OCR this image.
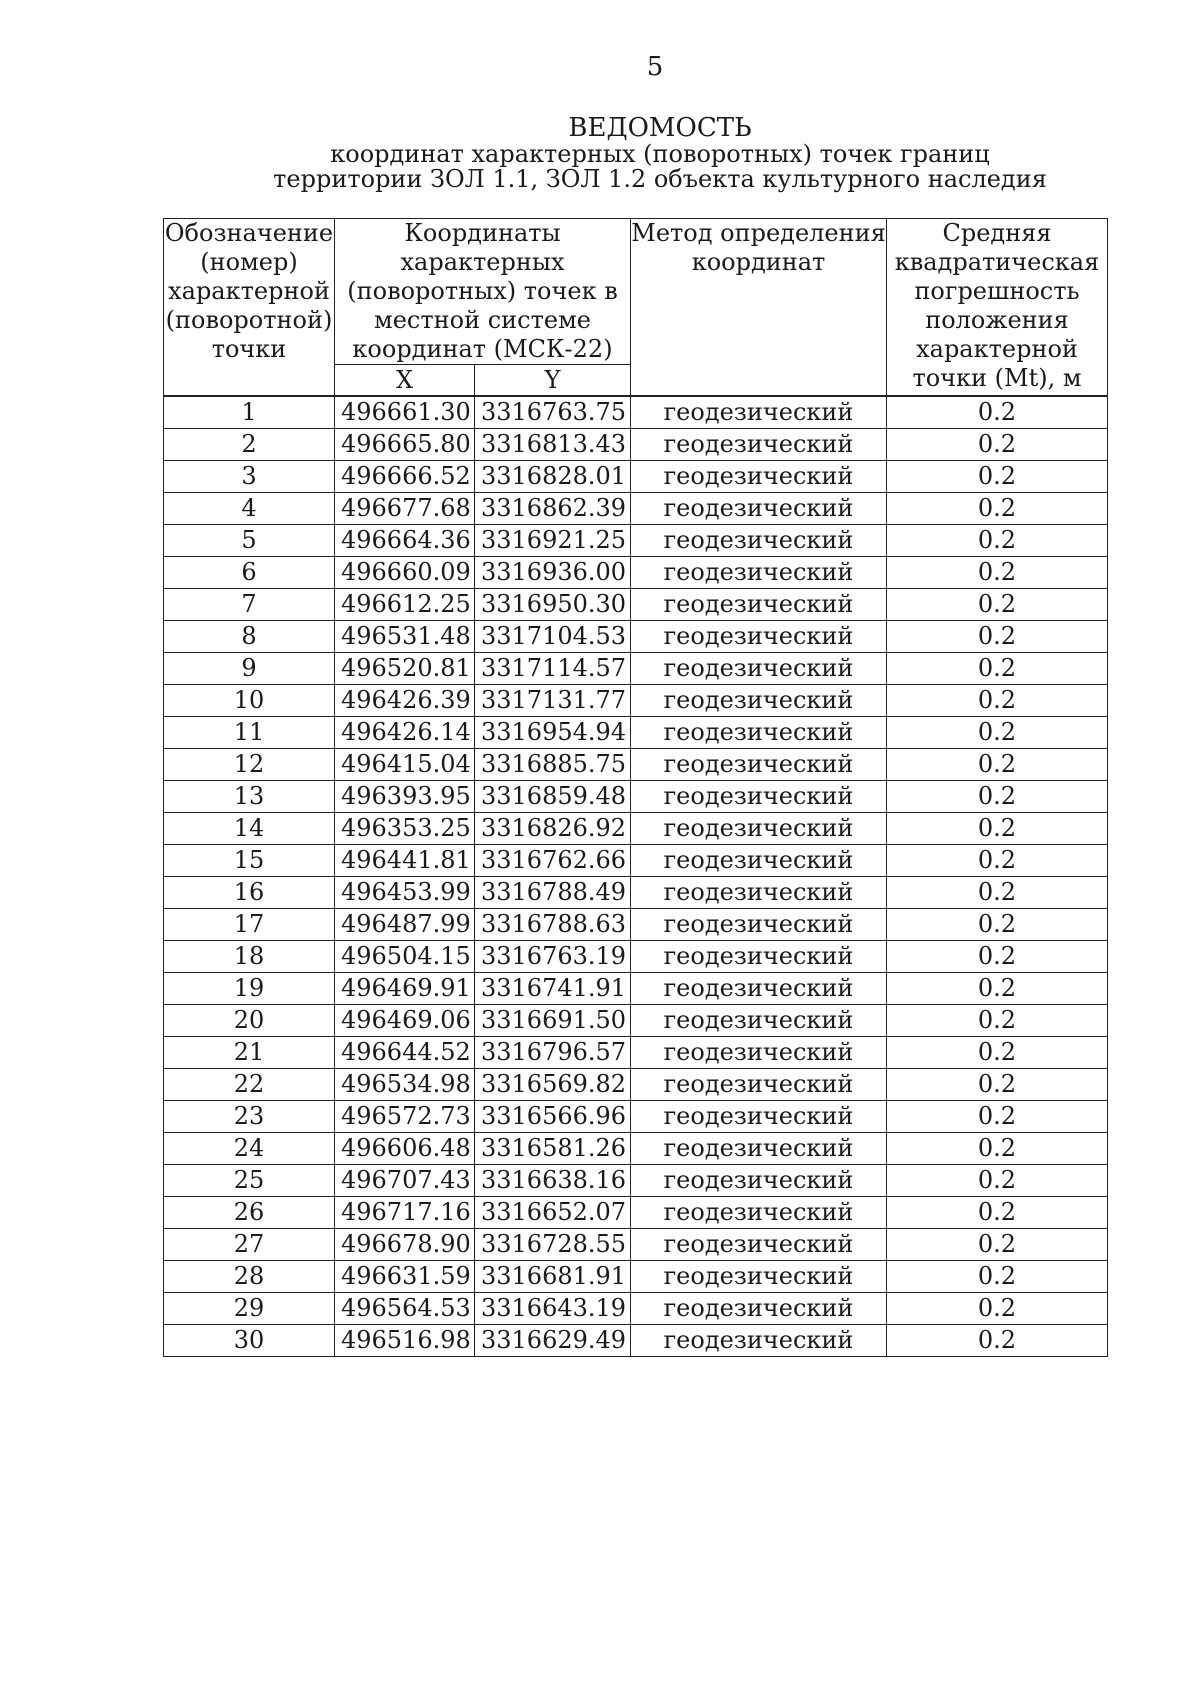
5
ВЕДОМОСТЬ
координат характерных (поворотных) точек границ
территории ЗОЛ 1.1, ЗОЛ 1.2 объекта культурного наследия
Обозначение (номер) характерной (поворотной) точки	Координаты характерных (поворотных) точек в местной системе координат (МСК-22)		Метод определения координат	Средняя квадратическая погрешность положения характерной точки (Mt), м
	X	Y		
1	496661.30	3316763.75	геодезический	0.2
2	496665.80	3316813.43	геодезический	0.2
3	496666.52	3316828.01	геодезический	0.2
4	496677.68	3316862.39	геодезический	0.2
5	496664.36	3316921.25	геодезический	0.2
6	496660.09	3316936.00	геодезический	0.2
7	496612.25	3316950.30	геодезический	0.2
8	496531.48	3317104.53	геодезический	0.2
9	496520.81	3317114.57	геодезический	0.2
10	496426.39	3317131.77	геодезический	0.2
11	496426.14	3316954.94	геодезический	0.2
12	496415.04	3316885.75	геодезический	0.2
13	496393.95	3316859.48	геодезический	0.2
14	496353.25	3316826.92	геодезический	0.2
15	496441.81	3316762.66	геодезический	0.2
16	496453.99	3316788.49	геодезический	0.2
17	496487.99	3316788.63	геодезический	0.2
18	496504.15	3316763.19	геодезический	0.2
19	496469.91	3316741.91	геодезический	0.2
20	496469.06	3316691.50	геодезический	0.2
21	496644.52	3316796.57	геодезический	0.2
22	496534.98	3316569.82	геодезический	0.2
23	496572.73	3316566.96	геодезический	0.2
24	496606.48	3316581.26	геодезический	0.2
25	496707.43	3316638.16	геодезический	0.2
26	496717.16	3316652.07	геодезический	0.2
27	496678.90	3316728.55	геодезический	0.2
28	496631.59	3316681.91	геодезический	0.2
29	496564.53	3316643.19	геодезический	0.2
30	496516.98	3316629.49	геодезический	0.2
